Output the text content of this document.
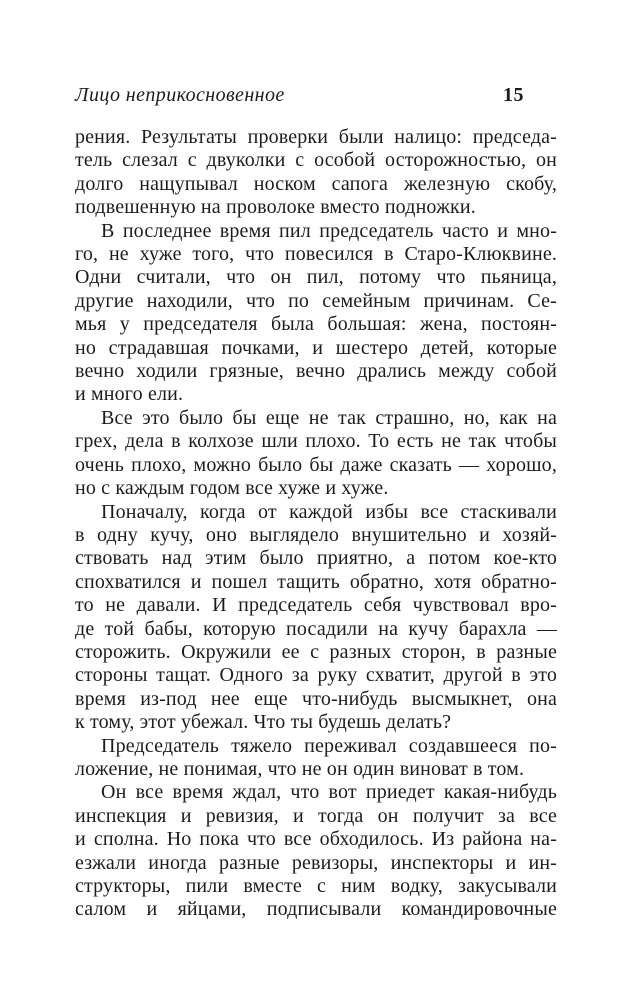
Лицо неприкосновенное	15
рения. Результаты проверки были налицо: председа-
тель слезал с двуколки с особой осторожностью, он
долго нащупывал носком сапога железную скобу,
подвешенную на проволоке вместо подножки.
В последнее время пил председатель часто и мно-
го, не хуже того, что повесился в Старо-Клюквине.
Одни считали, что он пил, потому что пьяница,
другие находили, что по семейным причинам. Се-
мья у председателя была большая: жена, постоян-
но страдавшая почками, и шестеро детей, которые
вечно ходили грязные, вечно дрались между собой
и много ели.
Все это было бы еще не так страшно, но, как на
грех, дела в колхозе шли плохо. То есть не так чтобы
очень плохо, можно было бы даже сказать — хорошо,
но с каждым годом все хуже и хуже.
Поначалу, когда от каждой избы все стаскивали
в одну кучу, оно выглядело внушительно и хозяй-
ствовать над этим было приятно, а потом кое-кто
спохватился и пошел тащить обратно, хотя обратно-
то не давали. И председатель себя чувствовал вро-
де той бабы, которую посадили на кучу барахла —
сторожить. Окружили ее с разных сторон, в разные
стороны тащат. Одного за руку схватит, другой в это
время из-под нее еще что-нибудь высмыкнет, она
к тому, этот убежал. Что ты будешь делать?
Председатель тяжело переживал создавшееся по-
ложение, не понимая, что не он один виноват в том.
Он все время ждал, что вот приедет какая-нибудь
инспекция и ревизия, и тогда он получит за все
и сполна. Но пока что все обходилось. Из района на-
езжали иногда разные ревизоры, инспекторы и ин-
структоры, пили вместе с ним водку, закусывали
салом и яйцами, подписывали командировочные
